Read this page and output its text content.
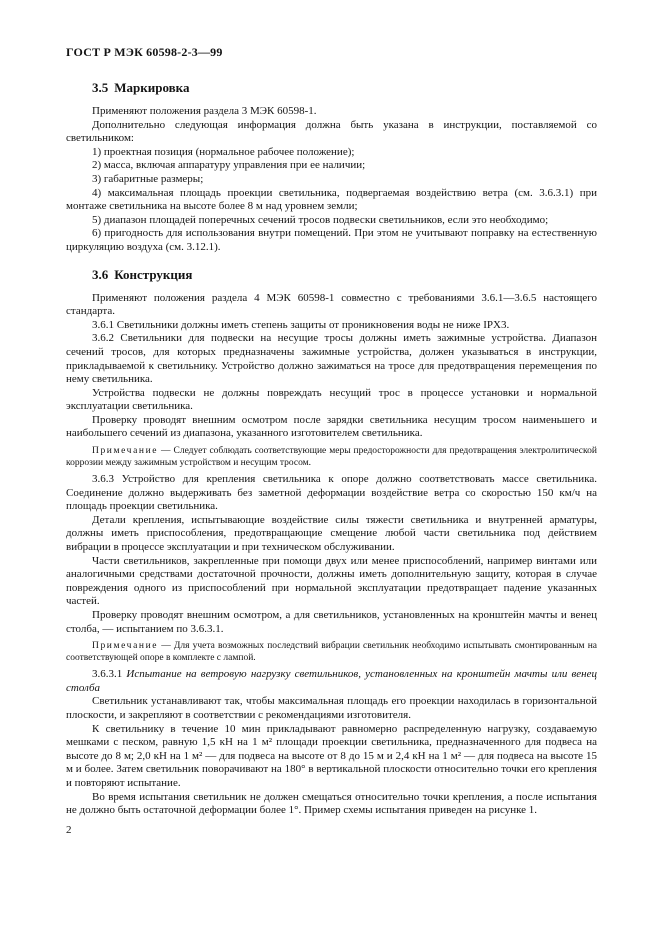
ГОСТ Р МЭК 60598-2-3—99
3.5 Маркировка

Применяют положения раздела 3 МЭК 60598-1.

Дополнительно следующая информация должна быть указана в инструкции, поставляемой со светильником:

1) проектная позиция (нормальное рабочее положение);

2) масса, включая аппаратуру управления при ее наличии;

3) габаритные размеры;

4) максимальная площадь проекции светильника, подвергаемая воздействию ветра (см. 3.6.3.1) при монтаже светильника на высоте более 8 м над уровнем земли;

5) диапазон площадей поперечных сечений тросов подвески светильников, если это необходимо;

6) пригодность для использования внутри помещений. При этом не учитывают поправку на естественную циркуляцию воздуха (см. 3.12.1).

3.6 Конструкция

Применяют положения раздела 4 МЭК 60598-1 совместно с требованиями 3.6.1—3.6.5 настоящего стандарта.

3.6.1 Светильники должны иметь степень защиты от проникновения воды не ниже IPX3.

3.6.2 Светильники для подвески на несущие тросы должны иметь зажимные устройства. Диапазон сечений тросов, для которых предназначены зажимные устройства, должен указываться в инструкции, прикладываемой к светильнику. Устройство должно зажиматься на тросе для предотвращения перемещения по нему светильника.

Устройства подвески не должны повреждать несущий трос в процессе установки и нормальной эксплуатации светильника.

Проверку проводят внешним осмотром после зарядки светильника несущим тросом наименьшего и наибольшего сечений из диапазона, указанного изготовителем светильника.

Примечание — Следует соблюдать соответствующие меры предосторожности для предотвращения электролитической коррозии между зажимным устройством и несущим тросом.

3.6.3 Устройство для крепления светильника к опоре должно соответствовать массе светильника. Соединение должно выдерживать без заметной деформации воздействие ветра со скоростью 150 км/ч на площадь проекции светильника.

Детали крепления, испытывающие воздействие силы тяжести светильника и внутренней арматуры, должны иметь приспособления, предотвращающие смещение любой части светильника под действием вибрации в процессе эксплуатации и при техническом обслуживании.

Части светильников, закрепленные при помощи двух или менее приспособлений, например винтами или аналогичными средствами достаточной прочности, должны иметь дополнительную защиту, которая в случае повреждения одного из приспособлений при нормальной эксплуатации предотвращает падение указанных частей.

Проверку проводят внешним осмотром, а для светильников, установленных на кронштейн мачты и венец столба, — испытанием по 3.6.3.1.

Примечание — Для учета возможных последствий вибрации светильник необходимо испытывать смонтированным на соответствующей опоре в комплекте с лампой.

3.6.3.1 Испытание на ветровую нагрузку светильников, установленных на кронштейн мачты или венец столба

Светильник устанавливают так, чтобы максимальная площадь его проекции находилась в горизонтальной плоскости, и закрепляют в соответствии с рекомендациями изготовителя.

К светильнику в течение 10 мин прикладывают равномерно распределенную нагрузку, создаваемую мешками с песком, равную 1,5 кН на 1 м² площади проекции светильника, предназначенного для подвеса на высоте до 8 м; 2,0 кН на 1 м² — для подвеса на высоте от 8 до 15 м и 2,4 кН на 1 м² — для подвеса на высоте 15 м и более. Затем светильник поворачивают на 180° в вертикальной плоскости относительно точки его крепления и повторяют испытание.

Во время испытания светильник не должен смещаться относительно точки крепления, а после испытания не должно быть остаточной деформации более 1°. Пример схемы испытания приведен на рисунке 1.

2
